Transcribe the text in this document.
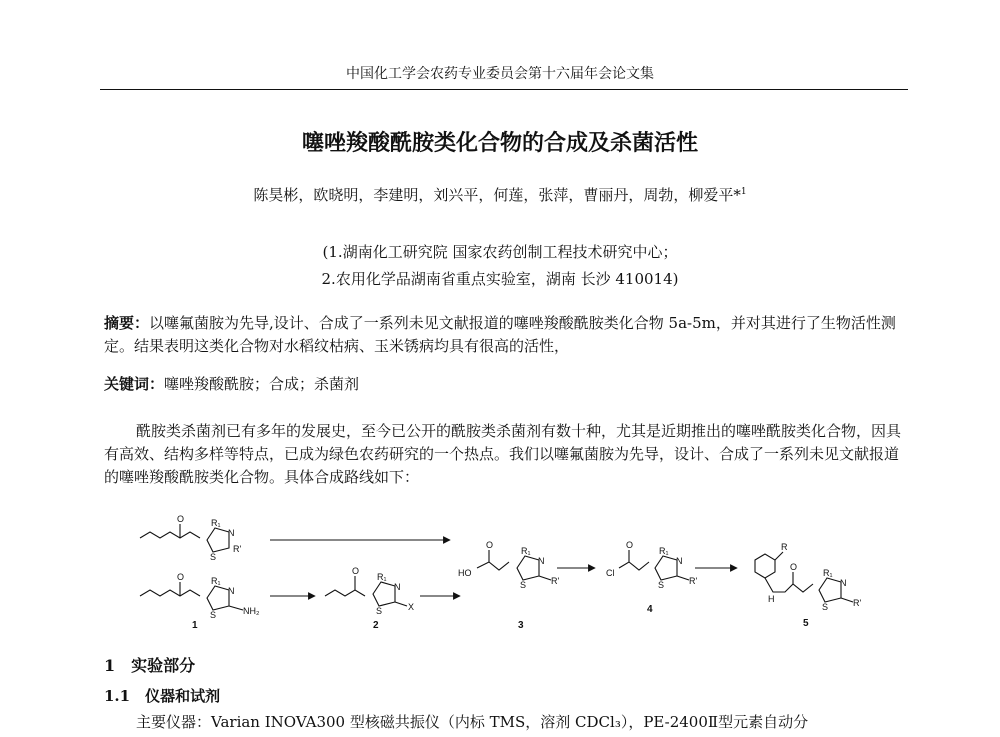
中国化工学会农药专业委员会第十六届年会论文集
噻唑羧酸酰胺类化合物的合成及杀菌活性
陈昊彬，欧晓明，李建明，刘兴平，何莲，张萍，曹丽丹，周勃，柳爱平*$^1$
(1.湖南化工研究院 国家农药创制工程技术研究中心；
2.农用化学品湖南省重点实验室，湖南 长沙 410014)
摘要：以噻氟菌胺为先导,设计、合成了一系列未见文献报道的噻唑羧酸酰胺类化合物 5a-5m，并对其进行了生物活性测定。结果表明这类化合物对水稻纹枯病、玉米锈病均具有很高的活性，
关键词：噻唑羧酸酰胺；合成；杀菌剂
酰胺类杀菌剂已有多年的发展史，至今已公开的酰胺类杀菌剂有数十种，尤其是近期推出的噻唑酰胺类化合物，因具有高效、结构多样等特点，已成为绿色农药研究的一个热点。我们以噻氟菌胺为先导，设计、合成了一系列未见文献报道的噻唑羧酸酰胺类化合物。具体合成路线如下：
O	R₁
N
S
R'
O	R₁
N
S	NH₂
O
R₁
N
S	X
HO
O
R₁
N
S	R'
Cl
O
R₁
N
S	R'
R
H
O
R₁
N
S	R'
1	2	3
4
5
1　实验部分
1.1　仪器和试剂
主要仪器：Varian INOVA300 型核磁共振仪（内标 TMS，溶剂 CDCl₃），PE-2400Ⅱ型元素自动分
